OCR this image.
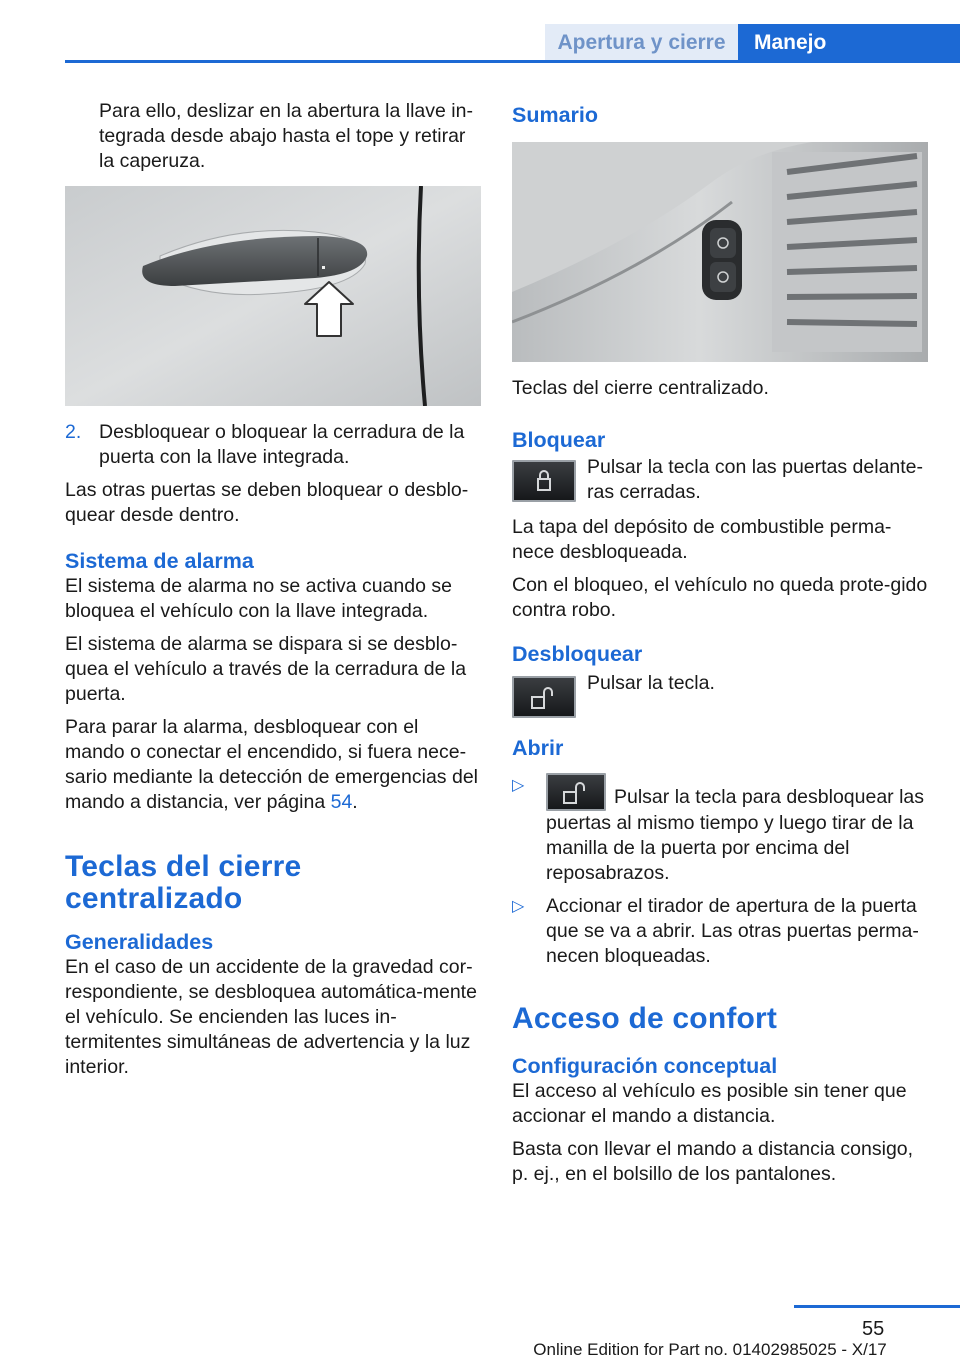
Apertura y cierre	Manejo

Para ello, deslizar en la abertura la llave in-tegrada desde abajo hasta el tope y retirar la caperuza.

2. Desbloquear o bloquear la cerradura de la puerta con la llave integrada.

Las otras puertas se deben bloquear o desblo-quear desde dentro.

Sistema de alarma

El sistema de alarma no se activa cuando se bloquea el vehículo con la llave integrada.

El sistema de alarma se dispara si se desblo-quea el vehículo a través de la cerradura de la puerta.

Para parar la alarma, desbloquear con el mando o conectar el encendido, si fuera nece-sario mediante la detección de emergencias del mando a distancia, ver página 54.

Teclas del cierre centralizado
Generalidades

En el caso de un accidente de la gravedad cor-respondiente, se desbloquea automática-mente el vehículo. Se encienden las luces in-termitentes simultáneas de advertencia y la luz interior.

Sumario

Teclas del cierre centralizado.

Bloquear
Pulsar la tecla con las puertas delante-ras cerradas.

La tapa del depósito de combustible perma-nece desbloqueada.

Con el bloqueo, el vehículo no queda prote-gido contra robo.

Desbloquear
Pulsar la tecla.
Abrir
▷
Pulsar la tecla para desbloquear las puertas al mismo tiempo y luego tirar de la manilla de la puerta por encima del reposabrazos.
▷ Accionar el tirador de apertura de la puerta que se va a abrir. Las otras puertas perma-necen bloqueadas.
Acceso de confort
Configuración conceptual

El acceso al vehículo es posible sin tener que accionar el mando a distancia.

Basta con llevar el mando a distancia consigo, p. ej., en el bolsillo de los pantalones.

55
Online Edition for Part no. 01402985025 - X/17
